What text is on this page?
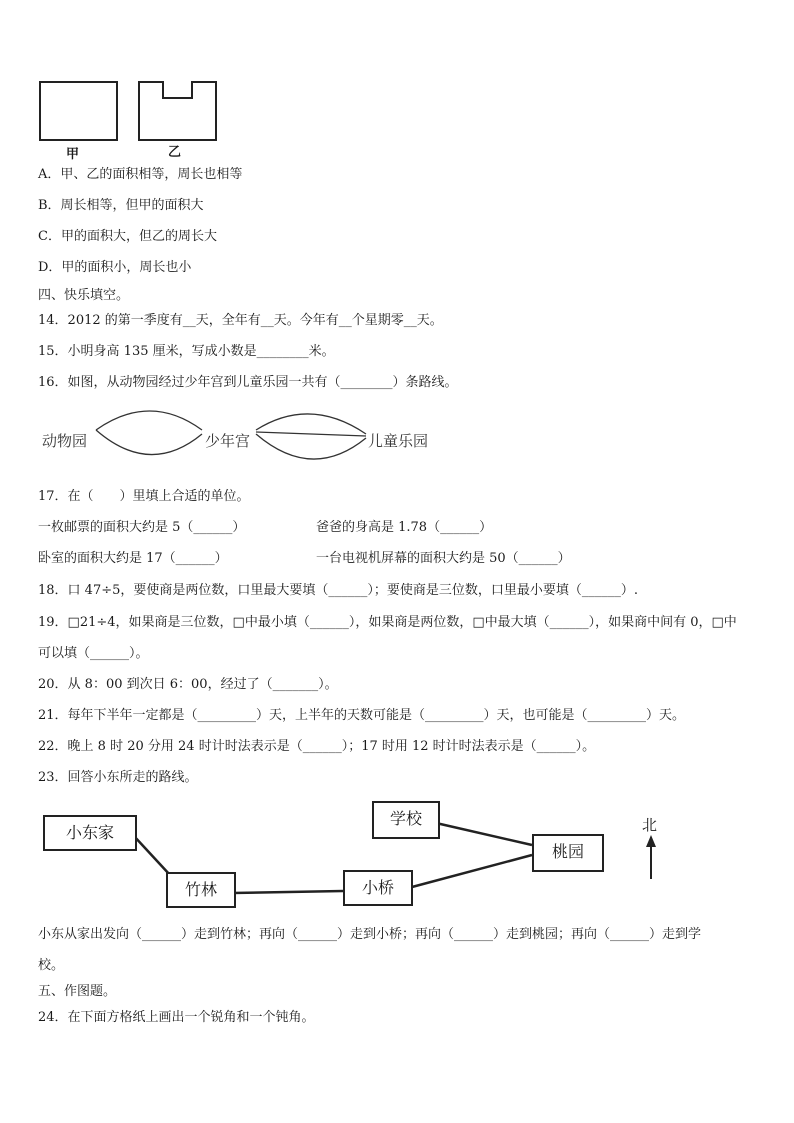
甲	乙
A．甲、乙的面积相等，周长也相等
B．周长相等，但甲的面积大
C．甲的面积大，但乙的周长大
D．甲的面积小，周长也小
四、快乐填空。
14．2012 的第一季度有__天，全年有__天。今年有__个星期零__天。
15．小明身高 135 厘米，写成小数是________米。
16．如图，从动物园经过少年宫到儿童乐园一共有（________）条路线。
动物园	少年宫	儿童乐园
17．在（　　）里填上合适的单位。
一枚邮票的面积大约是 5（______）	爸爸的身高是 1.78（______）
卧室的面积大约是 17（______）	一台电视机屏幕的面积大约是 50（______）
18．口 47÷5，要使商是两位数，口里最大要填（______）；要使商是三位数，口里最小要填（______）.
19．□21÷4，如果商是三位数，□中最小填（______），如果商是两位数，□中最大填（______），如果商中间有 0，□中
可以填（______）。
20．从 8：00 到次日 6：00，经过了（_______）。
21．每年下半年一定都是（_________）天，上半年的天数可能是（_________）天，也可能是（_________）天。
22．晚上 8 时 20 分用 24 时计时法表示是（______）；17 时用 12 时计时法表示是（______）。
23．回答小东所走的路线。
小东家
竹林	小桥
学校
桃园
北
小东从家出发向（______）走到竹林；再向（______）走到小桥；再向（______）走到桃园；再向（______）走到学
校。
五、作图题。
24．在下面方格纸上画出一个锐角和一个钝角。
